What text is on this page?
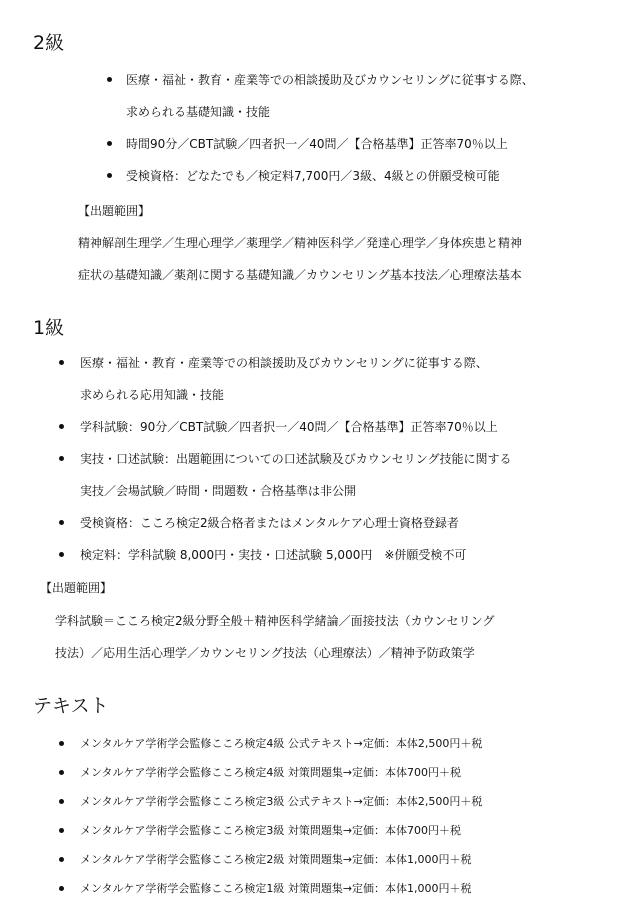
2級
医療・福祉・教育・産業等での相談援助及びカウンセリングに従事する際、
求められる基礎知識・技能
時間90分／CBT試験／四者択一／40問／【合格基準】正答率70％以上
受検資格：どなたでも／検定料7,700円／3級、4級との併願受検可能
【出題範囲】
精神解剖生理学／生理心理学／薬理学／精神医科学／発達心理学／身体疾患と精神
症状の基礎知識／薬剤に関する基礎知識／カウンセリング基本技法／心理療法基本
1級
医療・福祉・教育・産業等での相談援助及びカウンセリングに従事する際、
求められる応用知識・技能
学科試験：90分／CBT試験／四者択一／40問／【合格基準】正答率70％以上
実技・口述試験：出題範囲についての口述試験及びカウンセリング技能に関する
実技／会場試験／時間・問題数・合格基準は非公開
受検資格：こころ検定2級合格者またはメンタルケア心理士資格登録者
検定料：学科試験 8,000円・実技・口述試験 5,000円　※併願受検不可
【出題範囲】
学科試験＝こころ検定2級分野全般＋精神医科学緒論／面接技法（カウンセリング
技法）／応用生活心理学／カウンセリング技法（心理療法）／精神予防政策学
テキスト
メンタルケア学術学会監修こころ検定4級 公式テキスト→定価：本体2,500円＋税
メンタルケア学術学会監修こころ検定4級 対策問題集→定価：本体700円＋税
メンタルケア学術学会監修こころ検定3級 公式テキスト→定価：本体2,500円＋税
メンタルケア学術学会監修こころ検定3級 対策問題集→定価：本体700円＋税
メンタルケア学術学会監修こころ検定2級 対策問題集→定価：本体1,000円＋税
メンタルケア学術学会監修こころ検定1級 対策問題集→定価：本体1,000円＋税
